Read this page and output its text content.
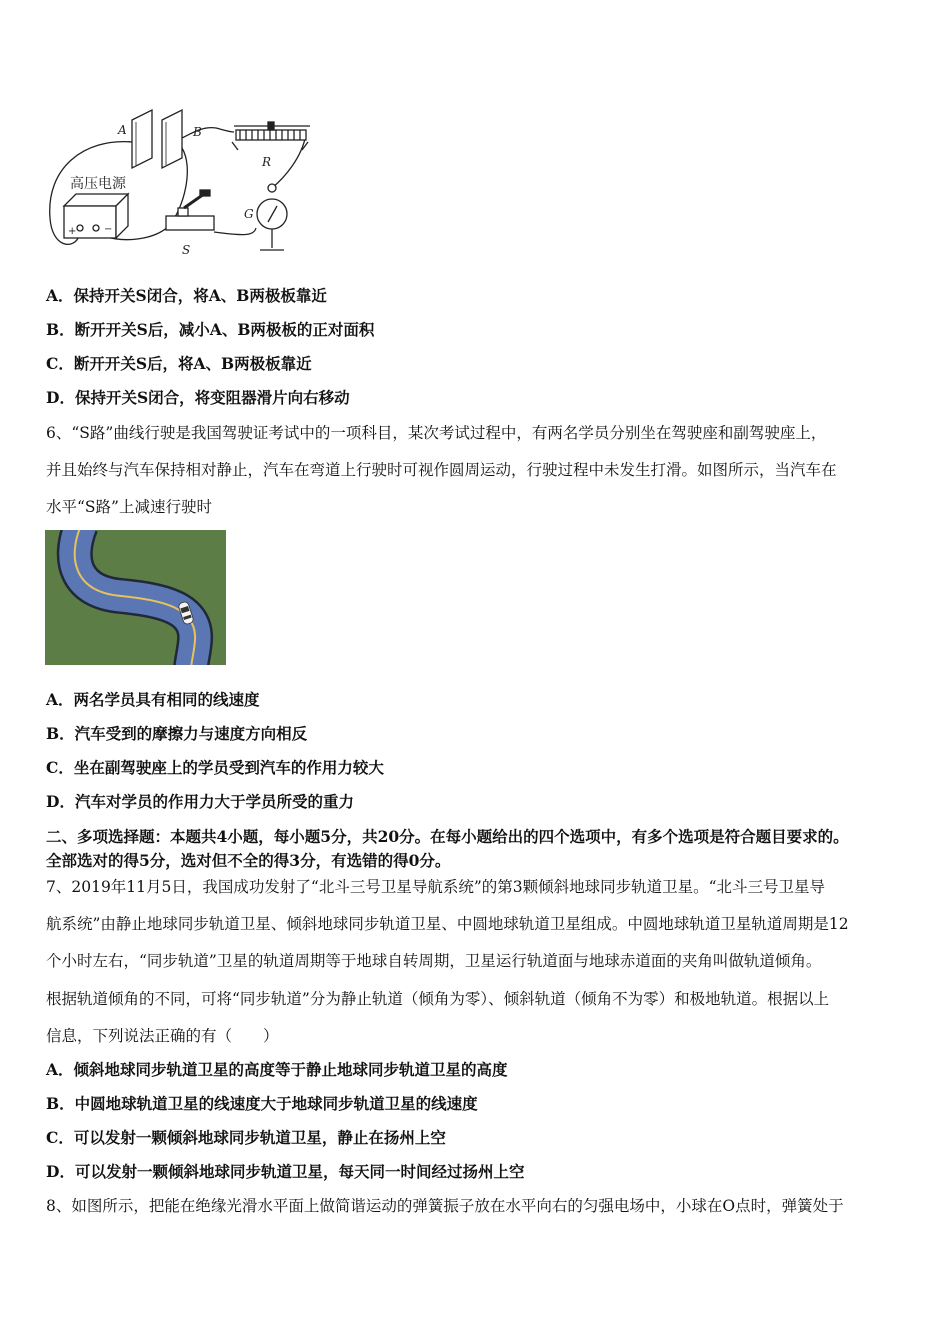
A	B
R
G
S
高压电源
+	−
A．保持开关S闭合，将A、B两极板靠近
B．断开开关S后，减小A、B两极板的正对面积
C．断开开关S后，将A、B两极板靠近
D．保持开关S闭合，将变阻器滑片向右移动
6、“S路”曲线行驶是我国驾驶证考试中的一项科目，某次考试过程中，有两名学员分别坐在驾驶座和副驾驶座上，
并且始终与汽车保持相对静止，汽车在弯道上行驶时可视作圆周运动，行驶过程中未发生打滑。如图所示，当汽车在
水平“S路”上减速行驶时
A．两名学员具有相同的线速度
B．汽车受到的摩擦力与速度方向相反
C．坐在副驾驶座上的学员受到汽车的作用力较大
D．汽车对学员的作用力大于学员所受的重力
二、多项选择题：本题共4小题，每小题5分，共20分。在每小题给出的四个选项中，有多个选项是符合题目要求的。
全部选对的得5分，选对但不全的得3分，有选错的得0分。
7、2019年11月5日，我国成功发射了“北斗三号卫星导航系统”的第3颗倾斜地球同步轨道卫星。“北斗三号卫星导
航系统”由静止地球同步轨道卫星、倾斜地球同步轨道卫星、中圆地球轨道卫星组成。中圆地球轨道卫星轨道周期是12
个小时左右，“同步轨道”卫星的轨道周期等于地球自转周期，卫星运行轨道面与地球赤道面的夹角叫做轨道倾角。
根据轨道倾角的不同，可将“同步轨道”分为静止轨道（倾角为零）、倾斜轨道（倾角不为零）和极地轨道。根据以上
信息，下列说法正确的有（　　）
A．倾斜地球同步轨道卫星的高度等于静止地球同步轨道卫星的高度
B．中圆地球轨道卫星的线速度大于地球同步轨道卫星的线速度
C．可以发射一颗倾斜地球同步轨道卫星，静止在扬州上空
D．可以发射一颗倾斜地球同步轨道卫星，每天同一时间经过扬州上空
8、如图所示，把能在绝缘光滑水平面上做简谐运动的弹簧振子放在水平向右的匀强电场中，小球在O点时，弹簧处于
